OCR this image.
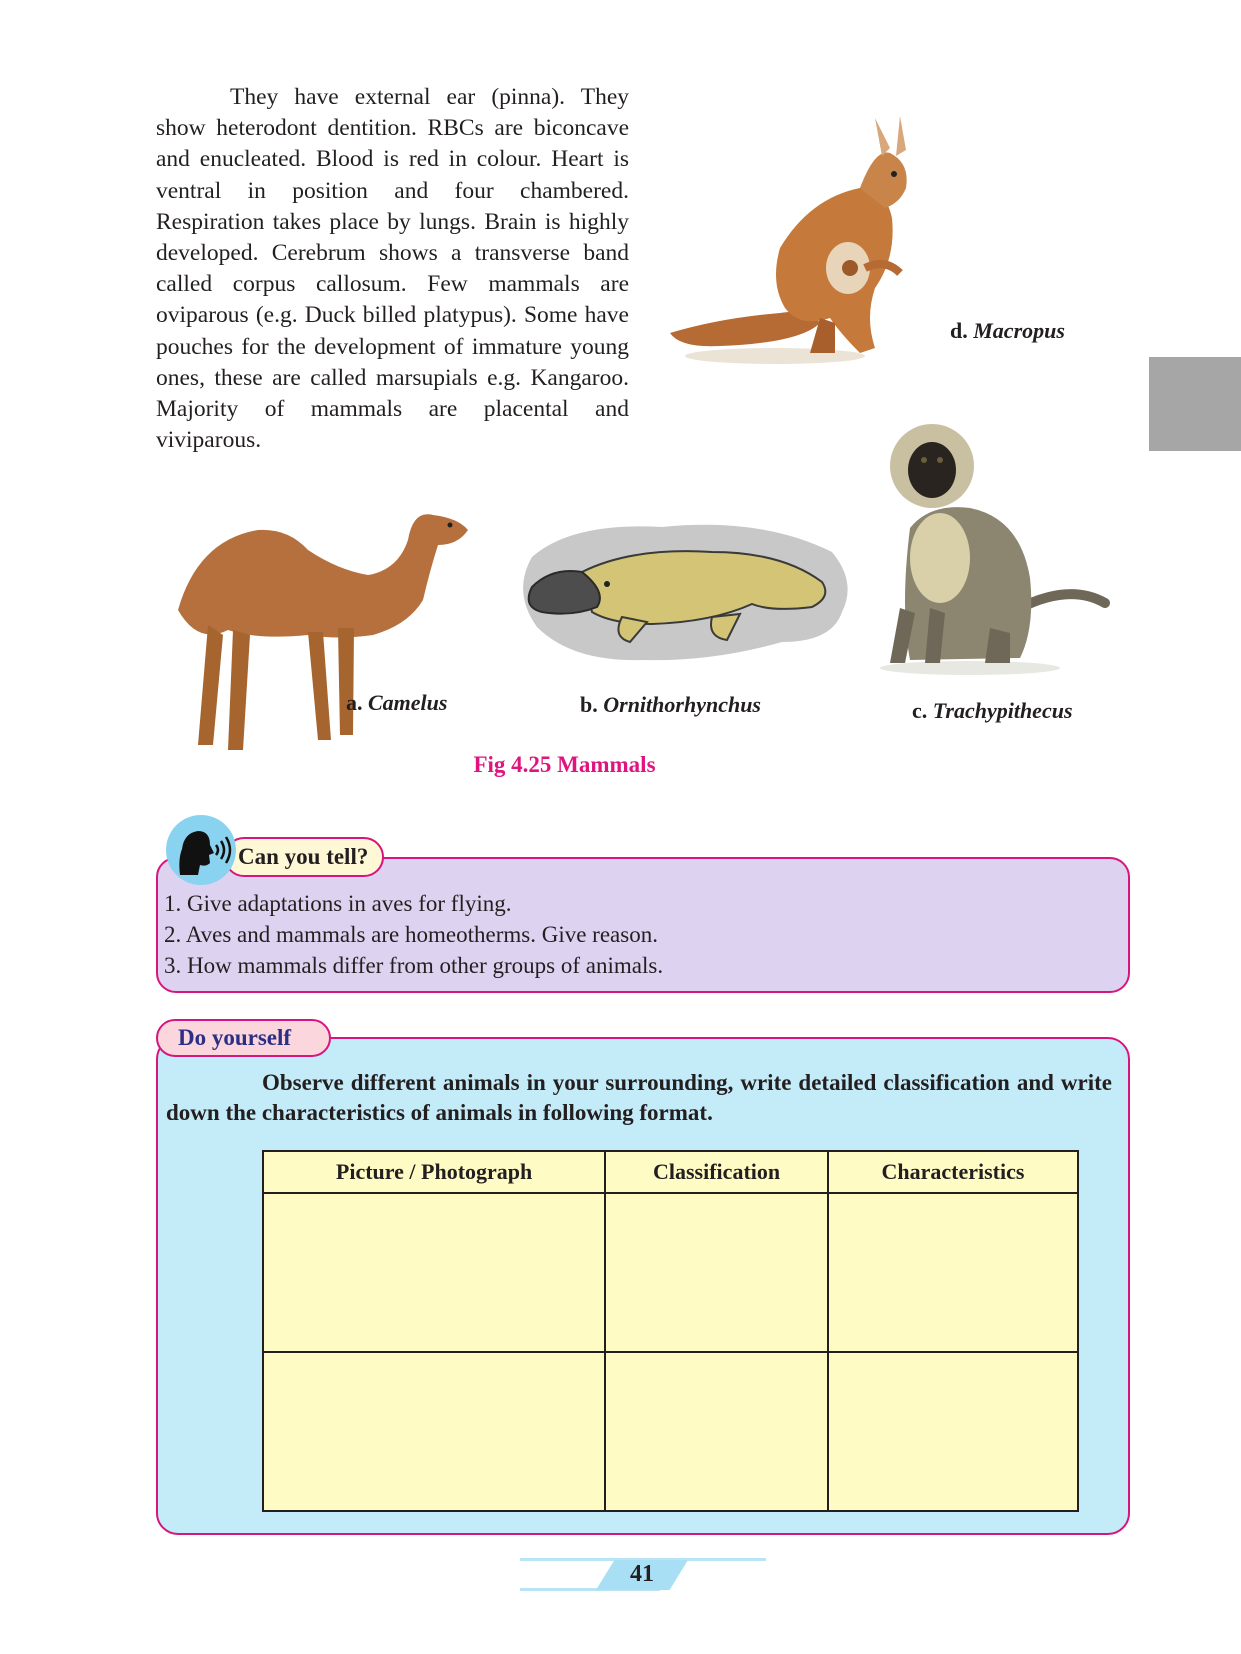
They have external ear (pinna). They show heterodont dentition. RBCs are biconcave and enucleated. Blood is red in colour. Heart is ventral in position and four chambered. Respiration takes place by lungs. Brain is highly developed. Cerebrum shows a transverse band called corpus callosum. Few mammals are oviparous (e.g. Duck billed platypus). Some have pouches for the development of immature young ones, these are called marsupials e.g. Kangaroo. Majority of mammals are placental and viviparous.
d. Macropus
c. Trachypithecus
a. Camelus	b. Ornithorhynchus
Fig 4.25 Mammals
Can you tell?
1. Give adaptations in aves for flying.
2. Aves and mammals are homeotherms. Give reason.
3. How mammals differ from other groups of animals.
Do yourself
Observe different animals in your surrounding, write detailed classification and write down the characteristics of animals in following format.
Picture / Photograph	Classification	Characteristics

41
